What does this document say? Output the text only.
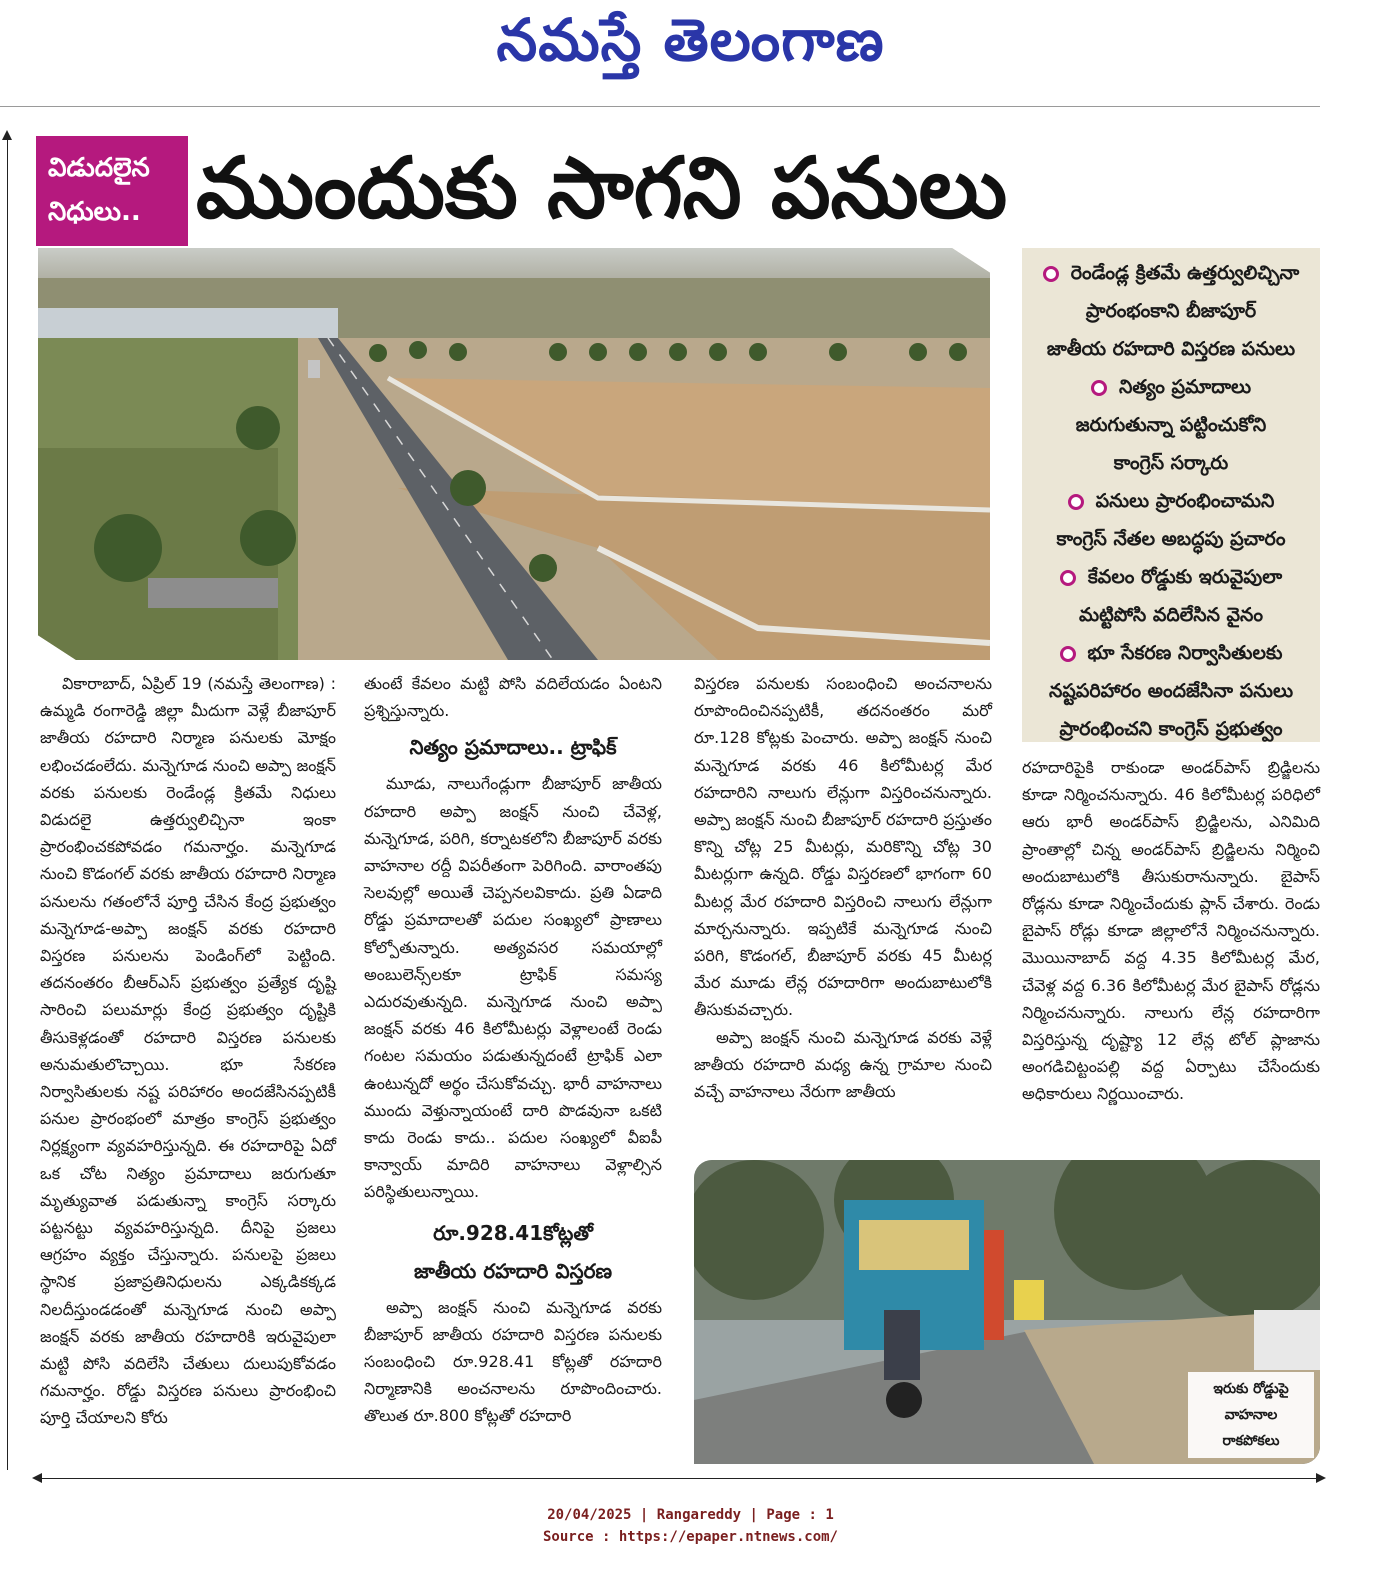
నమస్తే తెలంగాణ
విడుదలైన
నిధులు.. ముందుకు సాగని పనులు
రెండేండ్ల క్రితమే ఉత్తర్వులిచ్చినా
ప్రారంభంకాని బీజాపూర్
జాతీయ రహదారి విస్తరణ పనులు
నిత్యం ప్రమాదాలు
జరుగుతున్నా పట్టించుకోని
కాంగ్రెస్ సర్కారు
పనులు ప్రారంభించామని
కాంగ్రెస్ నేతల అబద్ధపు ప్రచారం
కేవలం రోడ్డుకు ఇరువైపులా
మట్టిపోసి వదిలేసిన వైనం
భూ సేకరణ నిర్వాసితులకు
నష్టపరిహారం అందజేసినా పనులు
ప్రారంభించని కాంగ్రెస్ ప్రభుత్వం

వికారాబాద్, ఏప్రిల్ 19 (నమస్తే తెలంగాణ) : ఉమ్మడి రంగారెడ్డి జిల్లా మీదుగా వెళ్లే బీజాపూర్ జాతీయ రహదారి నిర్మాణ పనులకు మోక్షం లభించడంలేదు. మన్నెగూడ నుంచి అప్పా జంక్షన్ వరకు పనులకు రెండేండ్ల క్రితమే నిధులు విడుదలై ఉత్తర్వులిచ్చినా ఇంకా ప్రారంభించకపోవడం గమనార్హం. మన్నెగూడ నుంచి కొడంగల్ వరకు జాతీయ రహదారి నిర్మాణ పనులను గతంలోనే పూర్తి చేసిన కేంద్ర ప్రభుత్వం మన్నెగూడ-అప్పా జంక్షన్ వరకు రహదారి విస్తరణ పనులను పెండింగ్‌లో పెట్టింది. తదనంతరం బీఆర్‌ఎస్ ప్రభుత్వం ప్రత్యేక దృష్టి సారించి పలుమార్లు కేంద్ర ప్రభుత్వం దృష్టికి తీసుకెళ్లడంతో రహదారి విస్తరణ పనులకు అనుమతులొచ్చాయి. భూ సేకరణ నిర్వాసితులకు నష్ట పరిహారం అందజేసినప్పటికీ పనుల ప్రారంభంలో మాత్రం కాంగ్రెస్ ప్రభుత్వం నిర్లక్ష్యంగా వ్యవహరిస్తున్నది. ఈ రహదారిపై ఏదో ఒక చోట నిత్యం ప్రమాదాలు జరుగుతూ మృత్యువాత పడుతున్నా కాంగ్రెస్ సర్కారు పట్టనట్టు వ్యవహరిస్తున్నది. దీనిపై ప్రజలు ఆగ్రహం వ్యక్తం చేస్తున్నారు. పనులపై ప్రజలు స్థానిక ప్రజాప్రతినిధులను ఎక్కడికక్కడ నిలదీస్తుండడంతో మన్నెగూడ నుంచి అప్పా జంక్షన్ వరకు జాతీయ రహదారికి ఇరువైపులా మట్టి పోసి వదిలేసి చేతులు దులుపుకోవడం గమనార్హం. రోడ్డు విస్తరణ పనులు ప్రారంభించి పూర్తి చేయాలని కోరు

తుంటే కేవలం మట్టి పోసి వదిలేయడం ఏంటని ప్రశ్నిస్తున్నారు.

నిత్యం ప్రమాదాలు.. ట్రాఫిక్

మూడు, నాలుగేండ్లుగా బీజాపూర్ జాతీయ రహదారి అప్పా జంక్షన్ నుంచి చేవెళ్ల, మన్నెగూడ, పరిగి, కర్నాటకలోని బీజాపూర్ వరకు వాహనాల రద్దీ విపరీతంగా పెరిగింది. వారాంతపు సెలవుల్లో అయితే చెప్పనలవికాదు. ప్రతి ఏడాది రోడ్డు ప్రమాదాలతో పదుల సంఖ్యలో ప్రాణాలు కోల్పోతున్నారు. అత్యవసర సమయాల్లో అంబులెన్స్‌లకూ ట్రాఫిక్ సమస్య ఎదురవుతున్నది. మన్నెగూడ నుంచి అప్పా జంక్షన్ వరకు 46 కిలోమీటర్లు వెళ్లాలంటే రెండు గంటల సమయం పడుతున్నదంటే ట్రాఫిక్ ఎలా ఉంటున్నదో అర్థం చేసుకోవచ్చు. భారీ వాహనాలు ముందు వెళ్తున్నాయంటే దారి పొడవునా ఒకటి కాదు రెండు కాదు.. పదుల సంఖ్యలో వీఐపీ కాన్వాయ్ మాదిరి వాహనాలు వెళ్లాల్సిన పరిస్థితులున్నాయి.

రూ.928.41కోట్లతో
జాతీయ రహదారి విస్తరణ

అప్పా జంక్షన్ నుంచి మన్నెగూడ వరకు బీజాపూర్ జాతీయ రహదారి విస్తరణ పనులకు సంబంధించి రూ.928.41 కోట్లతో రహదారి నిర్మాణానికి అంచనాలను రూపొందించారు. తొలుత రూ.800 కోట్లతో రహదారి

విస్తరణ పనులకు సంబంధించి అంచనాలను రూపొందించినప్పటికీ, తదనంతరం మరో రూ.128 కోట్లకు పెంచారు. అప్పా జంక్షన్ నుంచి మన్నెగూడ వరకు 46 కిలోమీటర్ల మేర రహదారిని నాలుగు లేన్లుగా విస్తరించనున్నారు. అప్పా జంక్షన్ నుంచి బీజాపూర్ రహదారి ప్రస్తుతం కొన్ని చోట్ల 25 మీటర్లు, మరికొన్ని చోట్ల 30 మీటర్లుగా ఉన్నది. రోడ్డు విస్తరణలో భాగంగా 60 మీటర్ల మేర రహదారి విస్తరించి నాలుగు లేన్లుగా మార్చనున్నారు. ఇప్పటికే మన్నెగూడ నుంచి పరిగి, కొడంగల్, బీజాపూర్ వరకు 45 మీటర్ల మేర మూడు లేన్ల రహదారిగా అందుబాటులోకి తీసుకువచ్చారు.

అప్పా జంక్షన్ నుంచి మన్నెగూడ వరకు వెళ్లే జాతీయ రహదారి మధ్య ఉన్న గ్రామాల నుంచి వచ్చే వాహనాలు నేరుగా జాతీయ

రహదారిపైకి రాకుండా అండర్‌పాస్ బ్రిడ్జిలను కూడా నిర్మించనున్నారు. 46 కిలోమీటర్ల పరిధిలో ఆరు భారీ అండర్‌పాస్ బ్రిడ్జిలను, ఎనిమిది ప్రాంతాల్లో చిన్న అండర్‌పాస్ బ్రిడ్జిలను నిర్మించి అందుబాటులోకి తీసుకురానున్నారు. బైపాస్ రోడ్లను కూడా నిర్మించేందుకు ప్లాన్ చేశారు. రెండు బైపాస్ రోడ్లు కూడా జిల్లాలోనే నిర్మించనున్నారు. మొయినాబాద్ వద్ద 4.35 కిలోమీటర్ల మేర, చేవెళ్ల వద్ద 6.36 కిలోమీటర్ల మేర బైపాస్ రోడ్లను నిర్మించనున్నారు. నాలుగు లేన్ల రహదారిగా విస్తరిస్తున్న దృష్ట్యా 12 లేన్ల టోల్ ప్లాజాను అంగడిచిట్టంపల్లి వద్ద ఏర్పాటు చేసేందుకు అధికారులు నిర్ణయించారు.

ఇరుకు రోడ్డుపై
వాహనాల
రాకపోకలు
20/04/2025 | Rangareddy | Page : 1
Source : https://epaper.ntnews.com/
